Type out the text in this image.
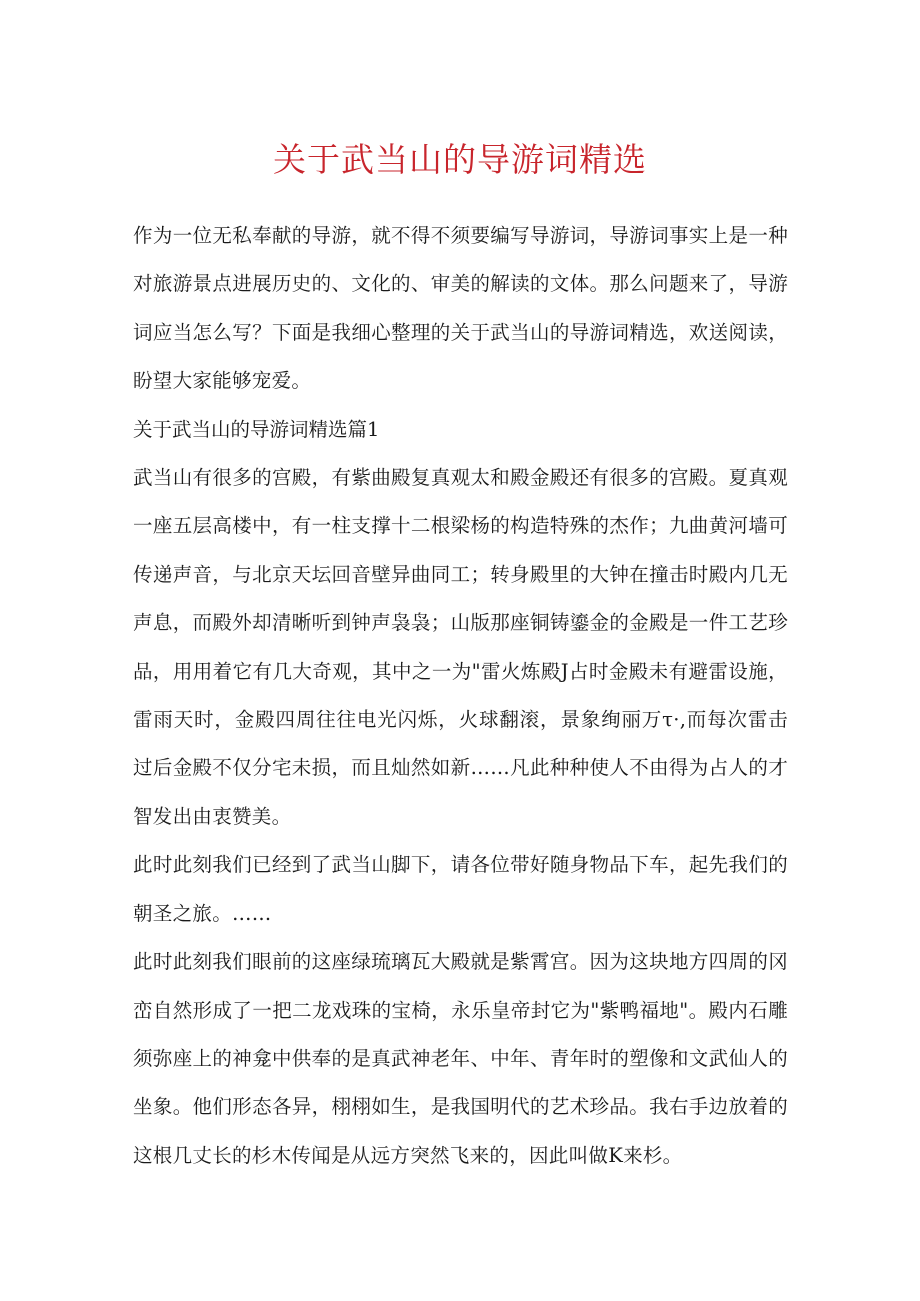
关于武当山的导游词精选

作为一位无私奉献的导游，就不得不须要编写导游词，导游词事实上是一种对旅游景点进展历史的、文化的、审美的解读的文体。那么问题来了，导游词应当怎么写？下面是我细心整理的关于武当山的导游词精选，欢送阅读，盼望大家能够宠爱。

关于武当山的导游词精选篇1

武当山有很多的宫殿，有紫曲殿复真观太和殿金殿还有很多的宫殿。夏真观一座五层高楼中，有一柱支撑十二根梁杨的构造特殊的杰作；九曲黄河墙可传递声音，与北京天坛回音壁异曲同工；转身殿里的大钟在撞击时殿内几无声息，而殿外却清晰听到钟声袅袅；山版那座铜铸鎏金的金殿是一件工艺珍品，用用着它有几大奇观，其中之一为"雷火炼殿J占时金殿未有避雷设施，雷雨天时，金殿四周往往电光闪烁，火球翻滚，景象绚丽万τ·,而每次雷击过后金殿不仅分宅未损，而且灿然如新……凡此种种使人不由得为占人的才智发出由衷赞美。

此时此刻我们已经到了武当山脚下，请各位带好随身物品下车，起先我们的朝圣之旅。……

此时此刻我们眼前的这座绿琉璃瓦大殿就是紫霄宫。因为这块地方四周的冈峦自然形成了一把二龙戏珠的宝椅，永乐皇帝封它为"紫鸭福地"。殿内石雕须弥座上的神龛中供奉的是真武神老年、中年、青年时的塑像和文武仙人的坐象。他们形态各异，栩栩如生，是我国明代的艺术珍品。我右手边放着的这根几丈长的杉木传闻是从远方突然飞来的，因此叫做K来杉。
